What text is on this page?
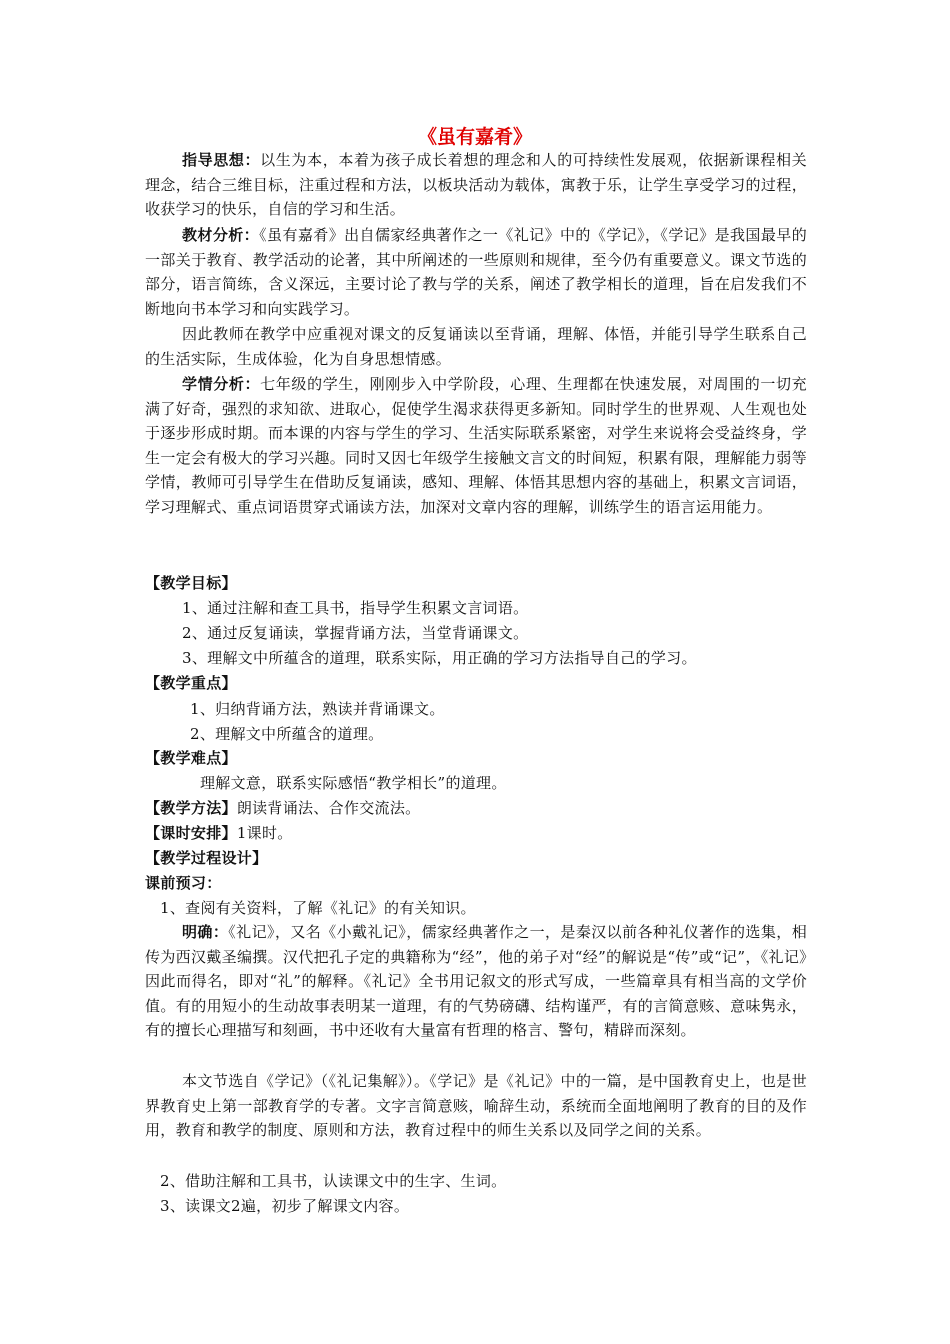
《虽有嘉肴》

指导思想：以生为本，本着为孩子成长着想的理念和人的可持续性发展观，依据新课程相关理念，结合三维目标，注重过程和方法，以板块活动为载体，寓教于乐，让学生享受学习的过程，收获学习的快乐，自信的学习和生活。

教材分析：《虽有嘉肴》出自儒家经典著作之一《礼记》中的《学记》，《学记》是我国最早的一部关于教育、教学活动的论著，其中所阐述的一些原则和规律，至今仍有重要意义。课文节选的部分，语言简练，含义深远，主要讨论了教与学的关系，阐述了教学相长的道理，旨在启发我们不断地向书本学习和向实践学习。

因此教师在教学中应重视对课文的反复诵读以至背诵，理解、体悟，并能引导学生联系自己的生活实际，生成体验，化为自身思想情感。

学情分析：七年级的学生，刚刚步入中学阶段，心理、生理都在快速发展，对周围的一切充满了好奇，强烈的求知欲、进取心，促使学生渴求获得更多新知。同时学生的世界观、人生观也处于逐步形成时期。而本课的内容与学生的学习、生活实际联系紧密，对学生来说将会受益终身，学生一定会有极大的学习兴趣。同时又因七年级学生接触文言文的时间短，积累有限，理解能力弱等学情，教师可引导学生在借助反复诵读，感知、理解、体悟其思想内容的基础上，积累文言词语，学习理解式、重点词语贯穿式诵读方法，加深对文章内容的理解，训练学生的语言运用能力。

【教学目标】
1、通过注解和查工具书，指导学生积累文言词语。
2、通过反复诵读，掌握背诵方法，当堂背诵课文。
3、理解文中所蕴含的道理，联系实际，用正确的学习方法指导自己的学习。
【教学重点】
1、归纳背诵方法，熟读并背诵课文。
2、理解文中所蕴含的道理。
【教学难点】
理解文意，联系实际感悟“教学相长”的道理。
【教学方法】朗读背诵法、合作交流法。
【课时安排】1课时。
【教学过程设计】
课前预习：
1、查阅有关资料，了解《礼记》的有关知识。

明确：《礼记》，又名《小戴礼记》，儒家经典著作之一，是秦汉以前各种礼仪著作的选集，相传为西汉戴圣编撰。汉代把孔子定的典籍称为“经”，他的弟子对“经”的解说是“传”或“记”，《礼记》因此而得名，即对“礼”的解释。《礼记》全书用记叙文的形式写成，一些篇章具有相当高的文学价值。有的用短小的生动故事表明某一道理，有的气势磅礴、结构谨严，有的言简意赅、意味隽永，有的擅长心理描写和刻画，书中还收有大量富有哲理的格言、警句，精辟而深刻。

本文节选自《学记》（《礼记集解》）。《学记》是《礼记》中的一篇，是中国教育史上，也是世界教育史上第一部教育学的专著。文字言简意赅，喻辞生动，系统而全面地阐明了教育的目的及作用，教育和教学的制度、原则和方法，教育过程中的师生关系以及同学之间的关系。

2、借助注解和工具书，认读课文中的生字、生词。
3、读课文2遍，初步了解课文内容。
